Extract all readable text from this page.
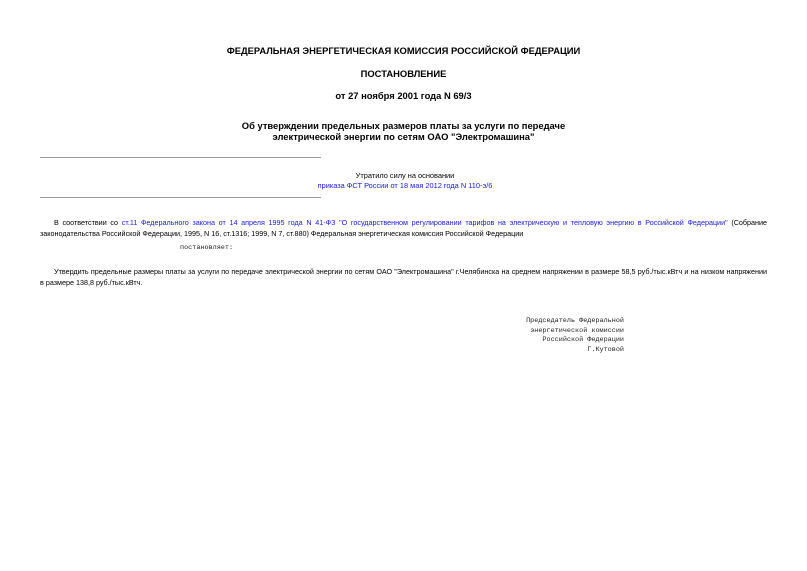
ФЕДЕРАЛЬНАЯ ЭНЕРГЕТИЧЕСКАЯ КОМИССИЯ РОССИЙСКОЙ ФЕДЕРАЦИИ
ПОСТАНОВЛЕНИЕ
от 27 ноября 2001 года N 69/3
Об утверждении предельных размеров платы за услуги по передаче
электрической энергии по сетям ОАО "Электромашина"
Утратило силу на основании
приказа ФСТ России от 18 мая 2012 года N 110-э/6
В соответствии со ст.11 Федерального закона от 14 апреля 1995 года N 41-ФЗ "О государственном регулировании тарифов на электрическую и тепловую энергию в Российской Федерации" (Собрание законодательства Российской Федерации, 1995, N 16, ст.1316; 1999, N 7, ст.880) Федеральная энергетическая комиссия Российской Федерации
постановляет:
Утвердить предельные размеры платы за услуги по передаче электрической энергии по сетям ОАО "Электромашина" г.Челябинска на среднем напряжении в размере 58,5 руб./тыс.кВтч и на низком напряжении в размере 138,8 руб./тыс.кВтч.
Председатель Федеральной
энергетической комиссии
Российской Федерации
Г.Кутовой
